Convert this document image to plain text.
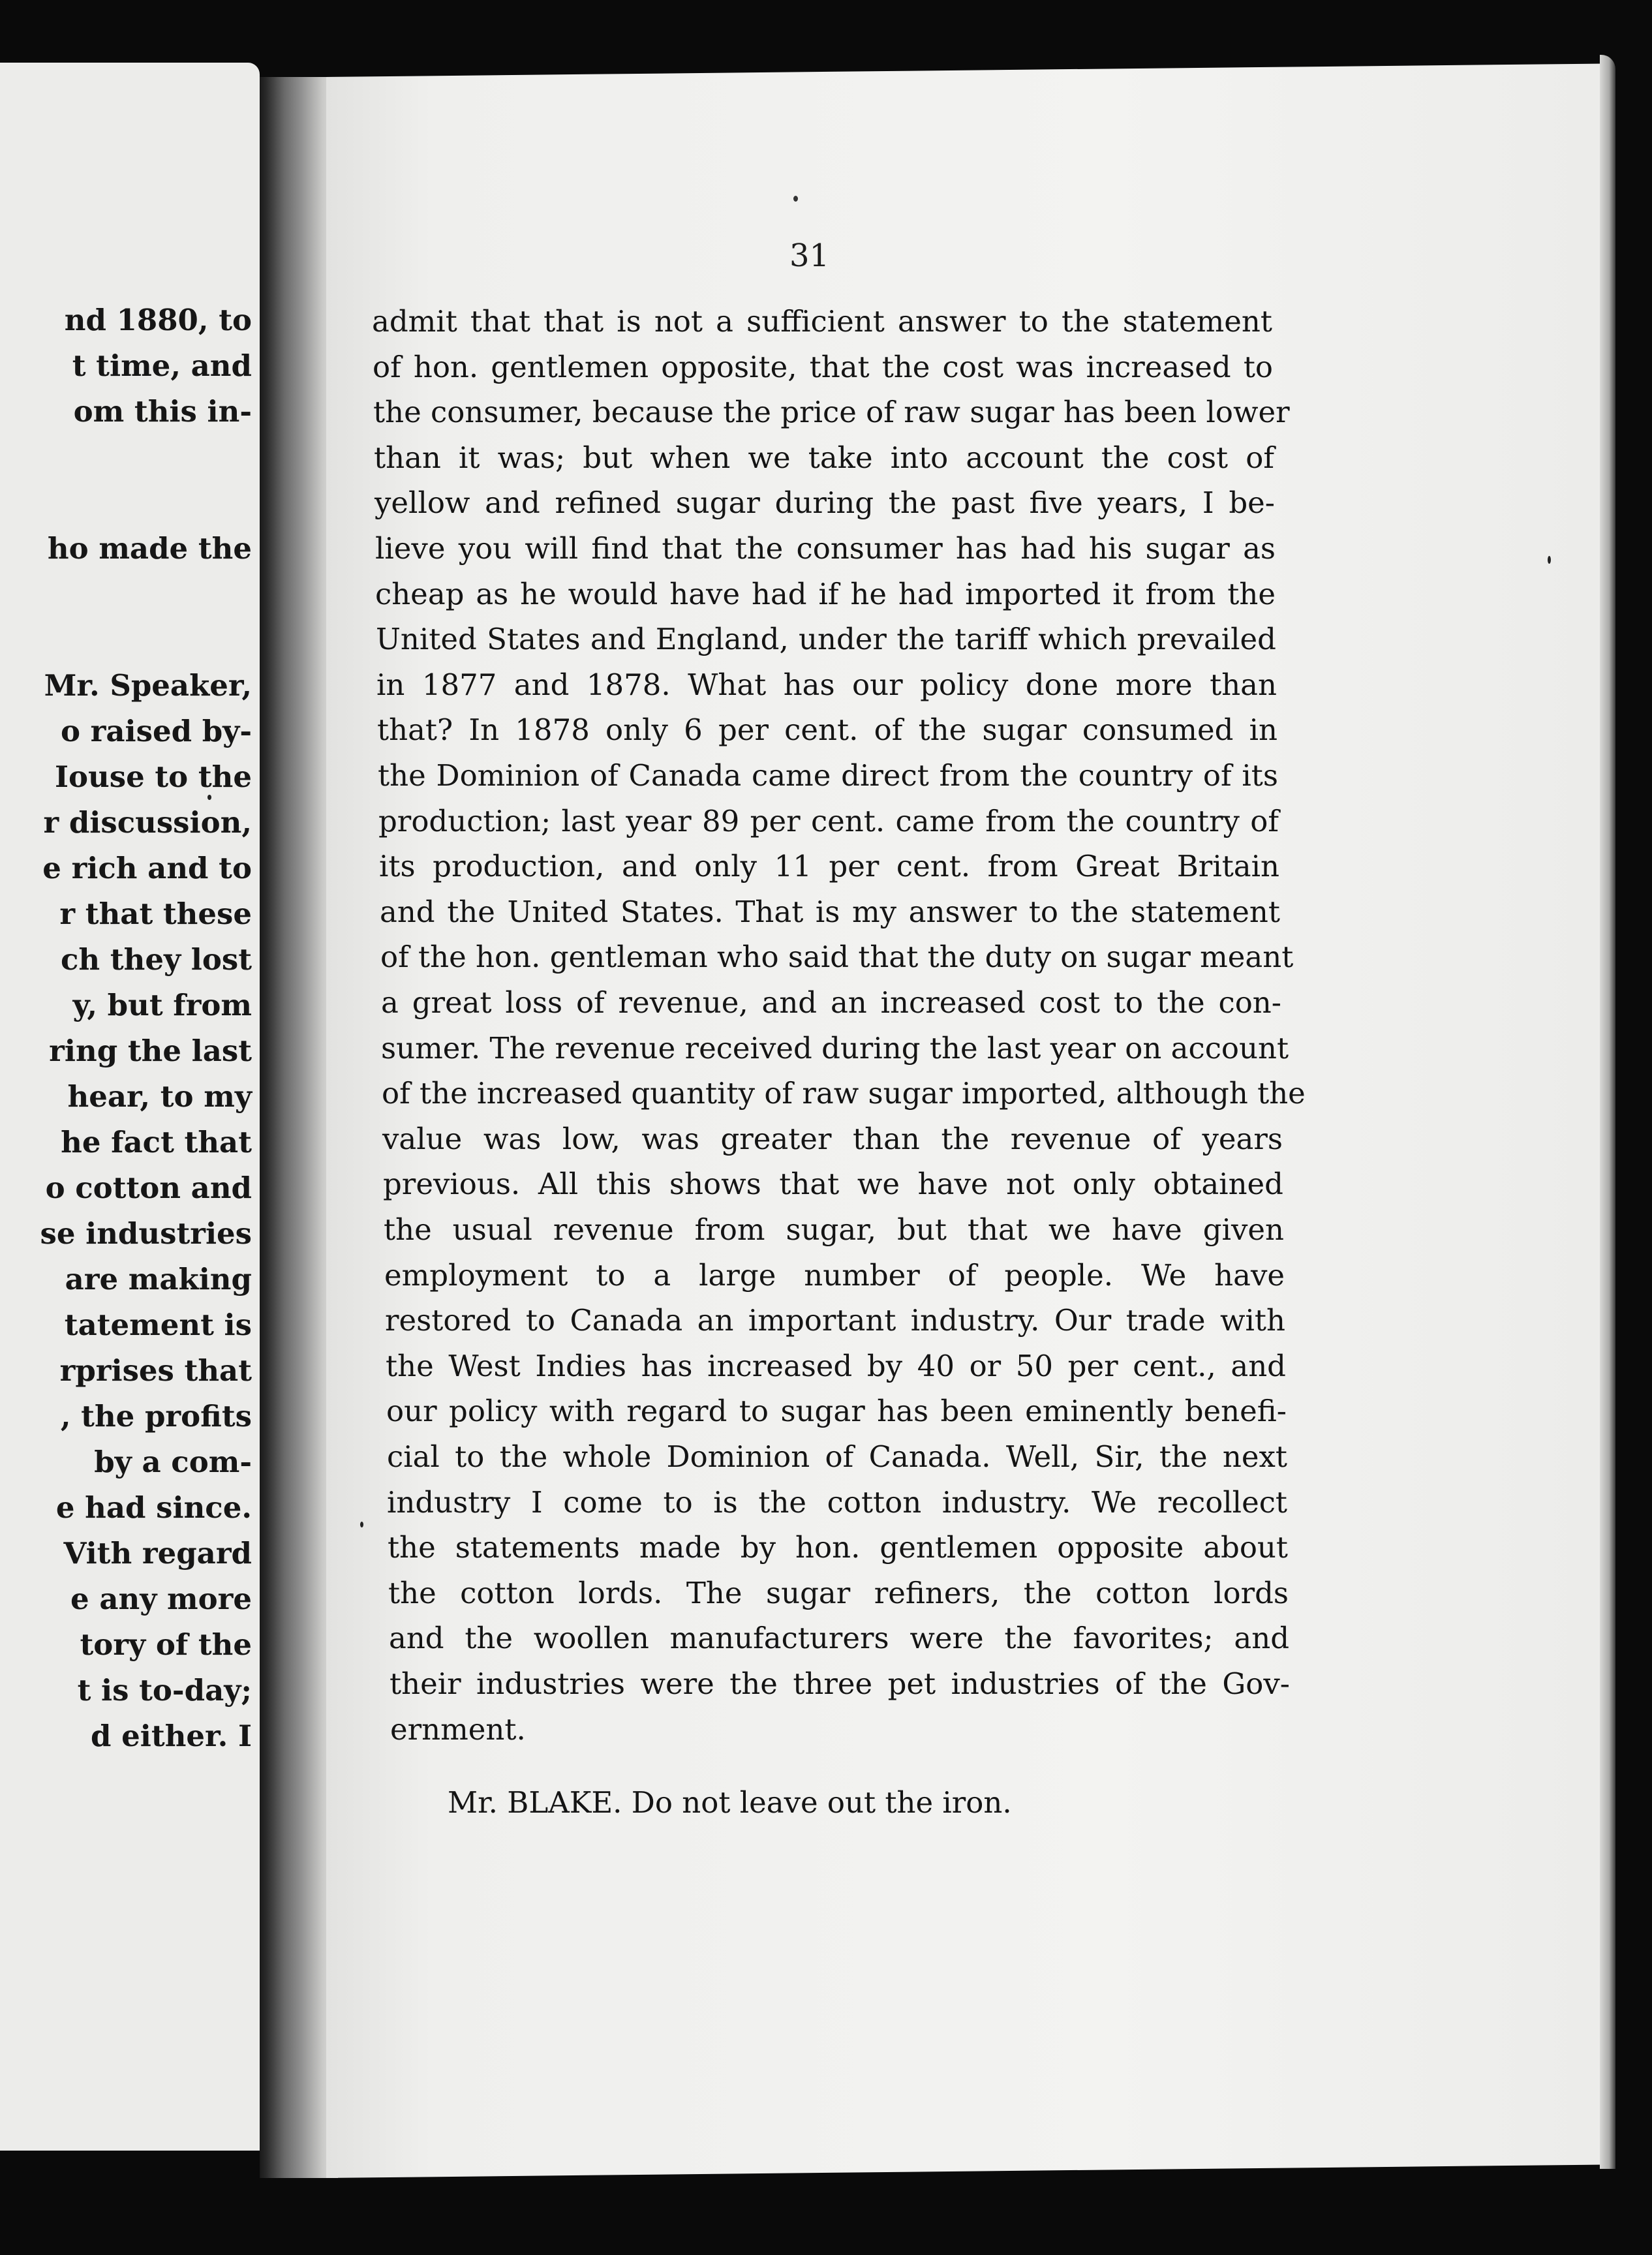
nd 1880, to
t time, and
om this in-
ho made the
Mr. Speaker,
o raised by-
Iouse to the
r discussion,
e rich and to
r that these
ch they lost
y, but from
ring the last
hear, to my
he fact that
o cotton and
se industries
are making
tatement is
rprises that
, the profits
by a com-
e had since.
Vith regard
e any more
tory of the
t is to-day;
d either. I
31
admit that that is not a sufficient answer to the statement
of hon. gentlemen opposite, that the cost was increased to
the consumer, because the price of raw sugar has been lower
than it was; but when we take into account the cost of
yellow and refined sugar during the past five years, I be-
lieve you will find that the consumer has had his sugar as
cheap as he would have had if he had imported it from the
United States and England, under the tariff which prevailed
in 1877 and 1878. What has our policy done more than
that? In 1878 only 6 per cent. of the sugar consumed in
the Dominion of Canada came direct from the country of its
production; last year 89 per cent. came from the country of
its production, and only 11 per cent. from Great Britain
and the United States. That is my answer to the statement
of the hon. gentleman who said that the duty on sugar meant
a great loss of revenue, and an increased cost to the con-
sumer. The revenue received during the last year on account
of the increased quantity of raw sugar imported, although the
value was low, was greater than the revenue of years
previous. All this shows that we have not only obtained
the usual revenue from sugar, but that we have given
employment to a large number of people. We have
restored to Canada an important industry. Our trade with
the West Indies has increased by 40 or 50 per cent., and
our policy with regard to sugar has been eminently benefi-
cial to the whole Dominion of Canada. Well, Sir, the next
industry I come to is the cotton industry. We recollect
the statements made by hon. gentlemen opposite about
the cotton lords. The sugar refiners, the cotton lords
and the woollen manufacturers were the favorites; and
their industries were the three pet industries of the Gov-
ernment.
Mr. BLAKE. Do not leave out the iron.
